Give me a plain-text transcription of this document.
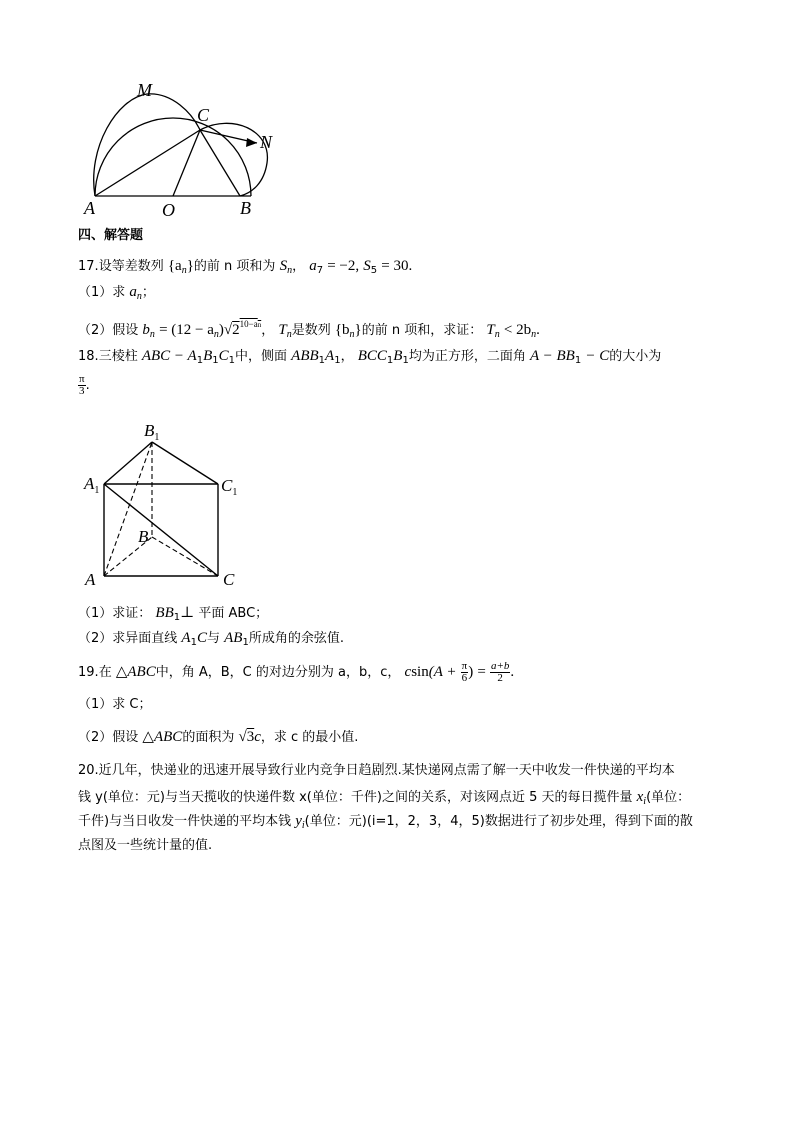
M
C
N
A	O	B
四、解答题
17.设等差数列 $\{a_n\}$的前 n 项和为 $S_n$， $a_7 = -2$, $S_5 = 30$.
（1）求 $a_n$；
（2）假设 $b_n = (12 - a_n)√2^{10-an}$， $T_n$是数列 $\{b_n\}$的前 n 项和，求证： $T_n < 2b_n$.
18.三棱柱 ABC − $A_1B_1C_1$中，侧面 $ABB_1A_1$， $BCC_1B_1$均为正方形，二面角 $A - BB_1 - C$的大小为
$\frac{\pi}{3}$ .
$B_1$
$A_1$	$C_1$
B
A	C
（1）求证： $BB_1\perp$ 平面 ABC；
（2）求异面直线 $A_1C$与 $AB_1$所成角的余弦值.
19.在 △ABC中，角 A，B，C 的对边分别为 a，b，c， $csin(A + \frac{\pi}{6}$ ) = $\frac{a+b}{2}$ .
（1）求 C；
（2）假设 △ABC的面积为 √3c，求 c 的最小值.
20.近几年，快递业的迅速开展导致行业内竞争日趋剧烈.某快递网点需了解一天中收发一件快递的平均本
钱 y(单位：元)与当天揽收的快递件数 x(单位：千件)之间的关系，对该网点近 5 天的每日揽件量 $x_i$(单位：
千件)与当日收发一件快递的平均本钱 $y_i$(单位：元)(i=1，2，3，4，5)数据进行了初步处理，得到下面的散
点图及一些统计量的值.
